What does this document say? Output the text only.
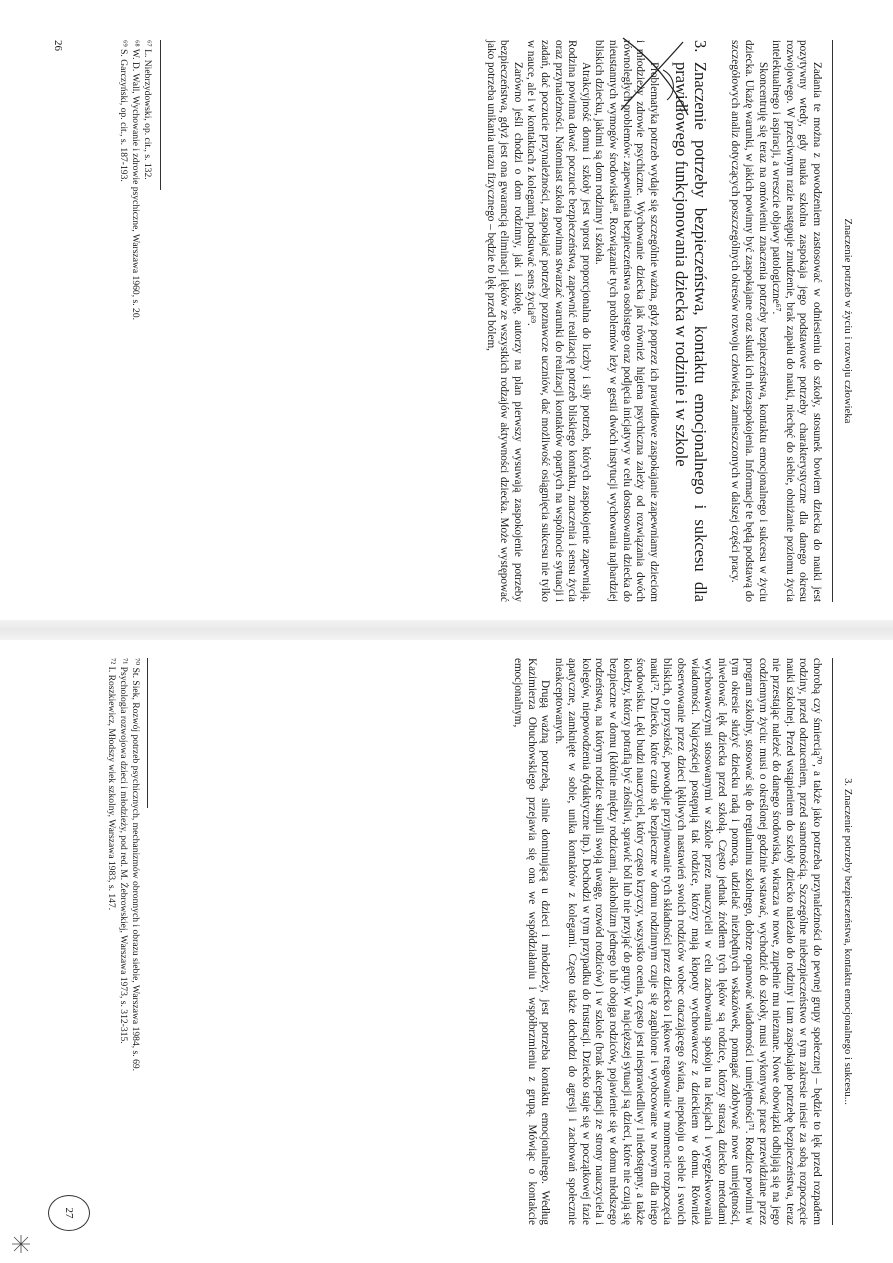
Znaczenie potrzeb w życiu i rozwoju człowieka

Zadania te można z powodzeniem zastosować w odniesieniu do szkoły, stosunek bowiem dziecka do nauki jest pozytywny wtedy, gdy nauka szkolna zaspokaja jego podstawowe potrzeby charakterystyczne dla danego okresu rozwojowego. W przeciwnym razie następuje znudzenie, brak zapału do nauki, niechęć do siebie, obniżanie poziomu życia intelektualnego i aspiracji, a wreszcie objawy patologiczne⁶⁷.

Skoncentruję się teraz na omówieniu znaczenia potrzeby bezpieczeństwa, kontaktu emocjonalnego i sukcesu w życiu dziecka. Ukażę warunki, w jakich powinny być zaspokajane oraz skutki ich niezaspokojenia. Informacje te będą podstawą do szczegółowych analiz dotyczących poszczególnych okresów rozwoju człowieka, zamieszczonych w dalszej części pracy.

3.
Znaczenie potrzeby bezpieczeństwa, kontaktu emocjonalnego i sukcesu dla prawidłowego funkcjonowania dziecka w rodzinie i w szkole

Problematyka potrzeb wydaje się szczególnie ważna, gdyż poprzez ich prawidłowe zaspokajanie zapewniamy dzieciom i młodzieży zdrowie psychiczne. Wychowanie dziecka jak również higiena psychiczna zależy od rozwiązania dwóch równoległych problemów: zapewnienia bezpieczeństwa osobistego oraz podjęcia inicjatywy w celu dostosowania dziecka do nieustannych wymogów środowiska⁶⁸. Rozwiązanie tych problemów leży w gestii dwóch instytucji wychowania najbardziej bliskich dziecku, jakimi są dom rodzinny i szkoła.

Atrakcyjność domu i szkoły jest wprost proporcjonalna do liczby i siły potrzeb, których zaspokojenie zapewniają. Rodzina powinna dawać poczucie bezpieczeństwa, zapewnić realizację potrzeb bliskiego kontaktu, znaczenia i sensu życia oraz przynależności. Natomiast szkoła powinna stwarzać warunki do realizacji kontaktów opartych na wspólnocie sytuacji i zadań, dać poczucie przynależności, zaspokajać potrzeby poznawcze uczniów, dać możliwość osiągnięcia sukcesu nie tylko w nauce, ale i w kontaktach z kolegami, podsuwać sens życia⁶⁹.

Zarówno jeśli chodzi o dom rodzinny, jak i szkołę, autorzy na plan pierwszy wysuwają zaspokojenie potrzeby bezpieczeństwa, gdyż jest ona gwarancją eliminacji lęków ze wszystkich rodzajów aktywności dziecka. Może występować jako potrzeba unikania urazu fizycznego – będzie to lęk przed bólem,

⁶⁷ L. Niebrzydowski, op. cit., s. 132.
⁶⁸ W. D. Wall, Wychowanie i zdrowie psychiczne, Warszawa 1960, s. 20.
⁶⁹ S. Garczyński, op. cit., s. 187-193.
26
3. Znaczenie potrzeby bezpieczeństwa, kontaktu emocjonalnego i sukcesu...

chorobą czy śmiercią⁷⁰, a także jako potrzeba przynależności do pewnej grupy społecznej – będzie to lęk przed rozpadem rodziny, przed odrzuceniem, przed samotnością. Szczególne niebezpieczeństwo w tym zakresie niesie za sobą rozpoczęcie nauki szkolnej. Przed wstąpieniem do szkoły dziecko należało do rodziny i tam zaspokajało potrzebę bezpieczeństwa, teraz nie przestając należeć do danego środowiska, wkracza w nowe, zupełnie mu nieznane. Nowe obowiązki odbijają się na jego codziennym życiu: musi o określonej godzinie wstawać, wychodzić do szkoły, musi wykonywać prace przewidziane przez program szkolny, stosować się do regulaminu szkolnego, dobrze opanować wiadomości i umiejętności⁷¹. Rodzice powinni w tym okresie służyć dziecku radą i pomocą, udzielać niezbędnych wskazówek, pomagać zdobywać nowe umiejętności, niwelować lęk dziecka przed szkołą. Często jednak źródłem tych lęków są rodzice, którzy straszą dziecko metodami wychowawczymi stosowanymi w szkole przez nauczycieli w celu zachowania spokoju na lekcjach i wyegzekwowania wiadomości. Najczęściej postępują tak rodzice, którzy mają kłopoty wychowawcze z dzieckiem w domu. Również obserwowanie przez dzieci lękliwych nastawień swoich rodziców wobec otaczającego świata, niepokoju o siebie i swoich bliskich, o przyszłość, powoduje przyjmowanie tych składności przez dziecko i lękowe reagowanie w momencie rozpoczęcia nauki⁷². Dziecko, które czuło się bezpieczne w domu rodzinnym czuje się zagubione i wyobcowane w nowym dla niego środowisku. Lęki budzi nauczyciel, który często krzyczy, wszystko ocenia, często jest niesprawiedliwy i niedostępny, a także koledzy, którzy potrafią być złośliwi, sprawić ból lub nie przyjąć do grupy. W najcięższej sytuacji są dzieci, które nie czują się bezpieczne w domu (kłótnie między rodzicami, alkoholizm jednego lub obojga rodziców, pojawienie się w domu młodszego rodzeństwa, na którym rodzice skupili swoją uwagę, rozwód rodziców) i w szkole (brak akceptacji ze strony nauczyciela i kolegów, niepowodzenia dydaktyczne itp.). Dochodzi w tym przypadku do frustracji. Dziecko staje się w początkowej fazie apatyczne, zamknięte w sobie, unika kontaktów z kolegami. Często także dochodzi do agresji i zachowań społecznie nieakceptowanych.

Drugą ważną potrzebą, silnie dominującą u dzieci i młodzieży, jest potrzeba kontaktu emocjonalnego. Według Kazimierza Obuchowskiego przejawia się ona we współdziałaniu i współbrzmieniu z grupą. Mówiąc o kontakcie emocjonalnym,

⁷⁰ St. Siek, Rozwój potrzeb psychicznych, mechanizmów obronnych i obrazu siebie, Warszawa 1984, s. 69.
⁷¹ Psychologia rozwojowa dzieci i młodzieży, pod red. M. Żebrowskiej, Warszawa 1973, s. 312-315.
⁷² I. Roszkiewicz, Młodszy wiek szkolny, Warszawa 1983, s. 147.
27
